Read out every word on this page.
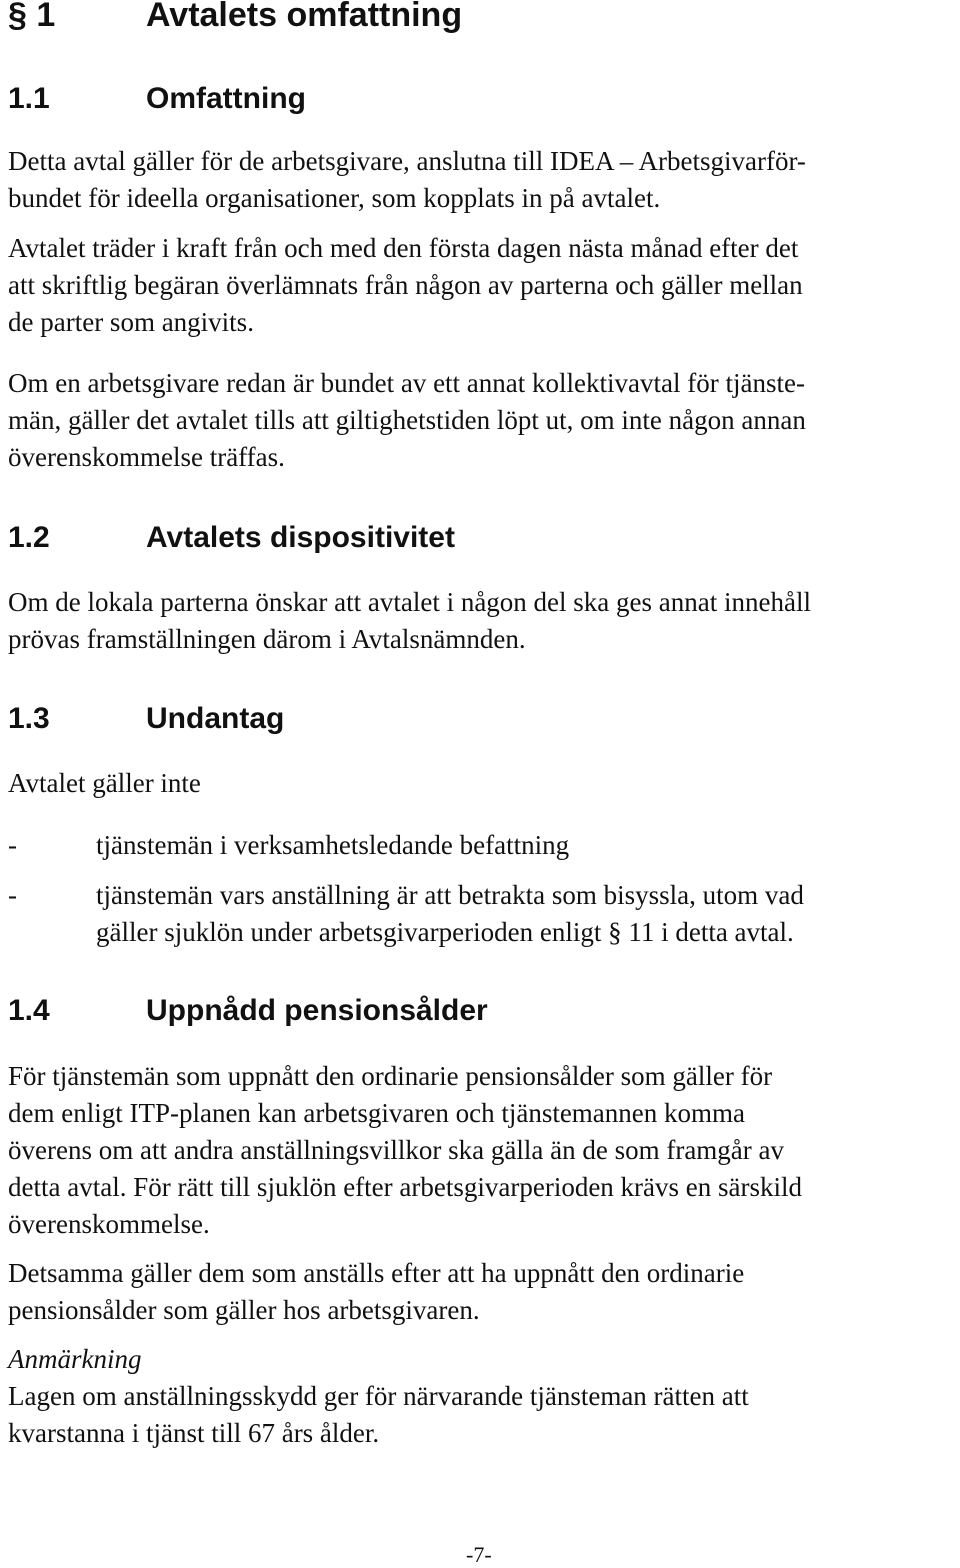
§ 1	Avtalets omfattning
1.1	Omfattning
Detta avtal gäller för de arbetsgivare, anslutna till IDEA – Arbetsgivarför-
bundet för ideella organisationer, som kopplats in på avtalet.
Avtalet träder i kraft från och med den första dagen nästa månad efter det
att skriftlig begäran överlämnats från någon av parterna och gäller mellan
de parter som angivits.
Om en arbetsgivare redan är bundet av ett annat kollektivavtal för tjänste-
män, gäller det avtalet tills att giltighetstiden löpt ut, om inte någon annan
överenskommelse träffas.
1.2	Avtalets dispositivitet
Om de lokala parterna önskar att avtalet i någon del ska ges annat innehåll
prövas framställningen därom i Avtalsnämnden.
1.3	Undantag
Avtalet gäller inte
-	tjänstemän i verksamhetsledande befattning
-	tjänstemän vars anställning är att betrakta som bisyssla, utom vad
gäller sjuklön under arbetsgivarperioden enligt § 11 i detta avtal.
1.4	Uppnådd pensionsålder
För tjänstemän som uppnått den ordinarie pensionsålder som gäller för
dem enligt ITP-planen kan arbetsgivaren och tjänstemannen komma
överens om att andra anställningsvillkor ska gälla än de som framgår av
detta avtal. För rätt till sjuklön efter arbetsgivarperioden krävs en särskild
överenskommelse.
Detsamma gäller dem som anställs efter att ha uppnått den ordinarie
pensionsålder som gäller hos arbetsgivaren.
Anmärkning
Lagen om anställningsskydd ger för närvarande tjänsteman rätten att
kvarstanna i tjänst till 67 års ålder.
-7-
